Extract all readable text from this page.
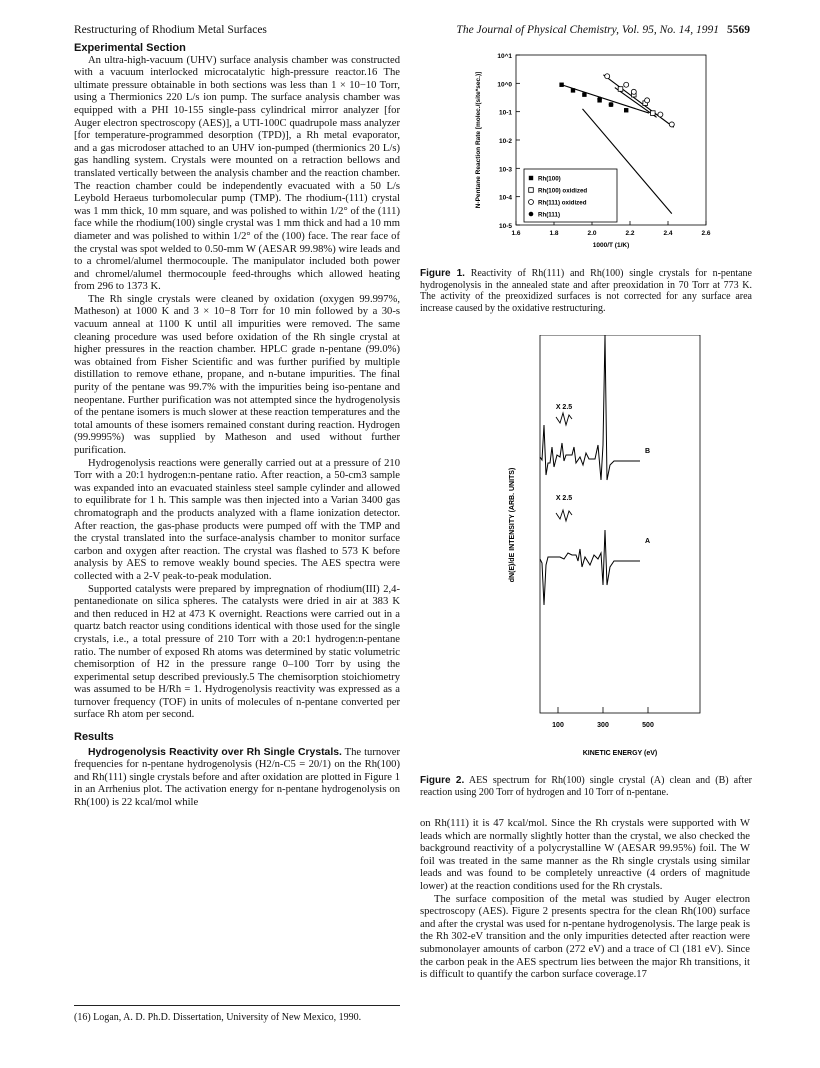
Restructuring of Rhodium Metal Surfaces	The Journal of Physical Chemistry, Vol. 95, No. 14, 1991 5569
Experimental Section

An ultra-high-vacuum (UHV) surface analysis chamber was constructed with a vacuum interlocked microcatalytic high-pressure reactor.16 The ultimate pressure obtainable in both sections was less than 1 × 10−10 Torr, using a Thermionics 220 L/s ion pump. The surface analysis chamber was equipped with a PHI 10-155 single-pass cylindrical mirror analyzer [for Auger electron spectroscopy (AES)], a UTI-100C quadrupole mass analyzer [for temperature-programmed desorption (TPD)], a Rh metal evaporator, and a gas microdoser attached to an UHV ion-pumped (thermionics 20 L/s) gas handling system. Crystals were mounted on a retraction bellows and translated vertically between the analysis chamber and the reaction chamber. The reaction chamber could be independently evacuated with a 50 L/s Leybold Heraeus turbomolecular pump (TMP). The rhodium-(111) crystal was 1 mm thick, 10 mm square, and was polished to within 1/2° of the (111) face while the rhodium(100) single crystal was 1 mm thick and had a 10 mm diameter and was polished to within 1/2° of the (100) face. The rear face of the crystal was spot welded to 0.50-mm W (AESAR 99.98%) wire leads and to a chromel/alumel thermocouple. The manipulator included both power and chromel/alumel thermocouple feed-throughs which allowed heating from 296 to 1373 K.

The Rh single crystals were cleaned by oxidation (oxygen 99.997%, Matheson) at 1000 K and 3 × 10−8 Torr for 10 min followed by a 30-s vacuum anneal at 1100 K until all impurities were removed. The same cleaning procedure was used before oxidation of the Rh single crystal at higher pressures in the reaction chamber. HPLC grade n-pentane (99.0%) was obtained from Fisher Scientific and was further purified by multiple distillation to remove ethane, propane, and n-butane impurities. The final purity of the pentane was 99.7% with the impurities being iso-pentane and neopentane. Further purification was not attempted since the hydrogenolysis of the pentane isomers is much slower at these reaction temperatures and the total amounts of these isomers remained constant during reaction. Hydrogen (99.9995%) was supplied by Matheson and used without further purification.

Hydrogenolysis reactions were generally carried out at a pressure of 210 Torr with a 20:1 hydrogen:n-pentane ratio. After reaction, a 50-cm3 sample was expanded into an evacuated stainless steel sample cylinder and allowed to equilibrate for 1 h. This sample was then injected into a Varian 3400 gas chromatograph and the products analyzed with a flame ionization detector. After reaction, the gas-phase products were pumped off with the TMP and the crystal translated into the surface-analysis chamber to monitor surface carbon and oxygen after reaction. The crystal was flashed to 573 K before analysis by AES to remove weakly bound species. The AES spectra were collected with a 2-V peak-to-peak modulation.

Supported catalysts were prepared by impregnation of rhodium(III) 2,4-pentanedionate on silica spheres. The catalysts were dried in air at 383 K and then reduced in H2 at 473 K overnight. Reactions were carried out in a quartz batch reactor using conditions identical with those used for the single crystals, i.e., a total pressure of 210 Torr with a 20:1 hydrogen:n-pentane ratio. The number of exposed Rh atoms was determined by static volumetric chemisorption of H2 in the pressure range 0–100 Torr by using the experimental setup described previously.5 The chemisorption stoichiometry was assumed to be H/Rh = 1. Hydrogenolysis reactivity was expressed as a turnover frequency (TOF) in units of molecules of n-pentane converted per surface Rh atom per second.

Results

Hydrogenolysis Reactivity over Rh Single Crystals. The turnover frequencies for n-pentane hydrogenolysis (H2/n-C5 = 20/1) on the Rh(100) and Rh(111) single crystals before and after oxidation are plotted in Figure 1 in an Arrhenius plot. The activation energy for n-pentane hydrogenolysis on Rh(100) is 22 kcal/mol while

(16) Logan, A. D. Ph.D. Dissertation, University of New Mexico, 1990.
1.6	1.8	2.0	2.2	2.4	2.6
10-5
10-4
10-3
10-2
10-1
10^0
10^1
1000/T (1/K)
N-Pentane Reaction Rate [molec./(site*sec.)]	Rh(100)
Rh(100) oxidized
Rh(111) oxidized
Rh(111)
Figure 1. Reactivity of Rh(111) and Rh(100) single crystals for n-pentane hydrogenolysis in the annealed state and after preoxidation in 70 Torr at 773 K. The activity of the preoxidized surfaces is not corrected for any surface area increase caused by the oxidative restructuring.
dN(E)/dE INTENSITY (ARB. UNITS)
X 2.5
B
X 2.5
A
100	300	500
KINETIC ENERGY (eV)
Figure 2. AES spectrum for Rh(100) single crystal (A) clean and (B) after reaction using 200 Torr of hydrogen and 10 Torr of n-pentane.

on Rh(111) it is 47 kcal/mol. Since the Rh crystals were supported with W leads which are normally slightly hotter than the crystal, we also checked the background reactivity of a polycrystalline W (AESAR 99.95%) foil. The W foil was treated in the same manner as the Rh single crystals using similar leads and was found to be completely unreactive (4 orders of magnitude lower) at the reaction conditions used for the Rh crystals.

The surface composition of the metal was studied by Auger electron spectroscopy (AES). Figure 2 presents spectra for the clean Rh(100) surface and after the crystal was used for n-pentane hydrogenolysis. The large peak is the Rh 302-eV transition and the only impurities detected after reaction were submonolayer amounts of carbon (272 eV) and a trace of Cl (181 eV). Since the carbon peak in the AES spectrum lies between the major Rh transitions, it is difficult to quantify the carbon surface coverage.17
